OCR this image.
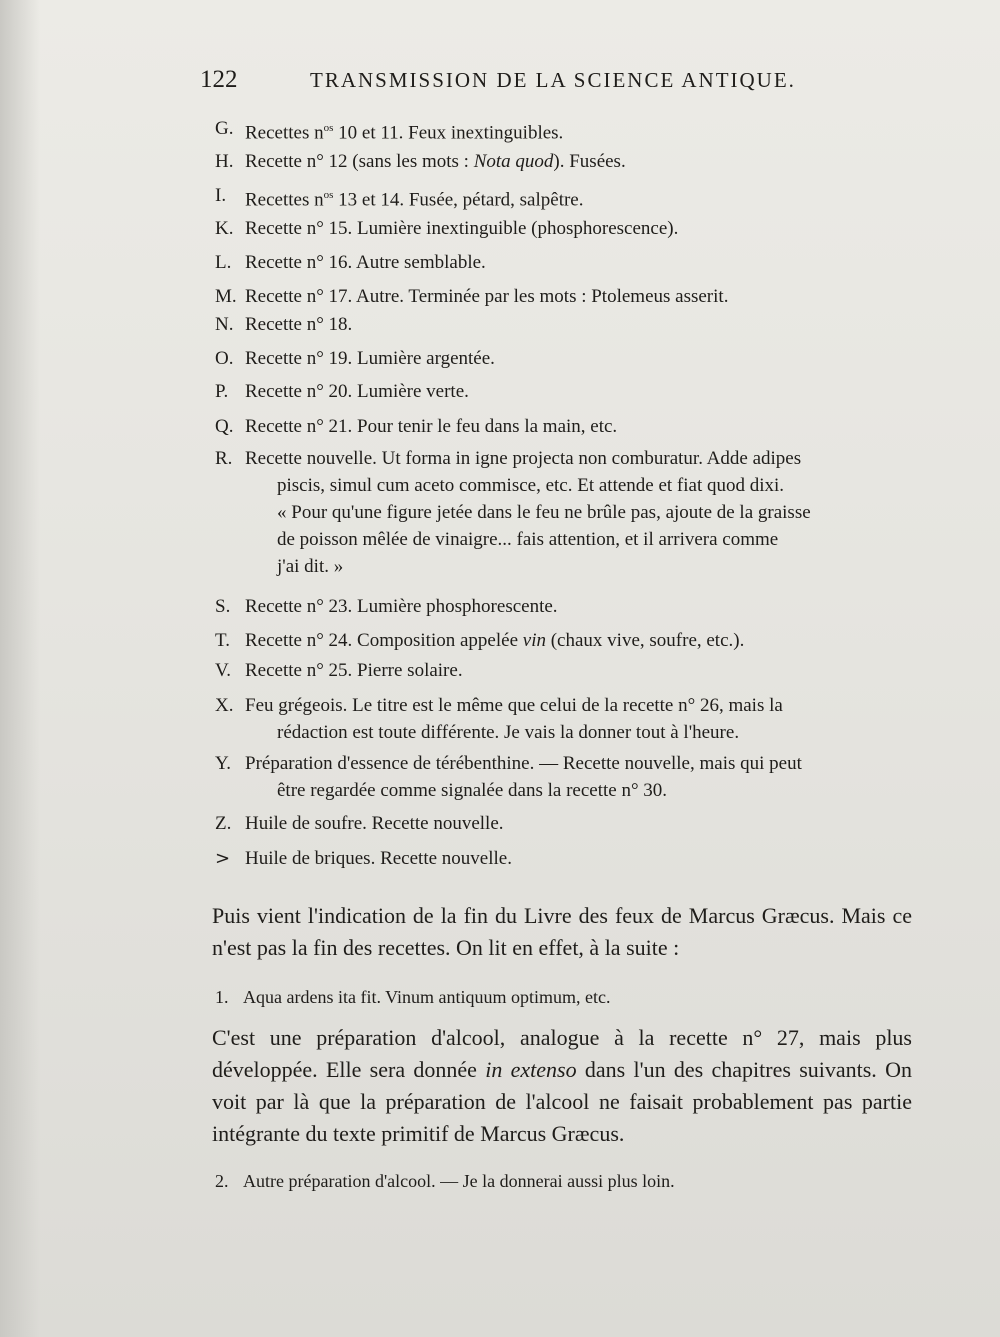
122	TRANSMISSION DE LA SCIENCE ANTIQUE.
G. Recettes $n^{os}$ 10 et 11. Feux inextinguibles.
H. Recette n° 12 (sans les mots : Nota quod). Fusées.
I. Recettes $n^{os}$ 13 et 14. Fusée, pétard, salpêtre.
K. Recette n° 15. Lumière inextinguible (phosphorescence).
L. Recette n° 16. Autre semblable.
M. Recette n° 17. Autre. Terminée par les mots : Ptolemeus asserit.
N. Recette n° 18.
O. Recette n° 19. Lumière argentée.
P. Recette n° 20. Lumière verte.
Q. Recette n° 21. Pour tenir le feu dans la main, etc.
R. Recette nouvelle. Ut forma in igne projecta non comburatur. Adde adipes
piscis, simul cum aceto commisce, etc. Et attende et fiat quod dixi.
« Pour qu'une figure jetée dans le feu ne brûle pas, ajoute de la graisse
de poisson mêlée de vinaigre... fais attention, et il arrivera comme
j'ai dit. »
S. Recette n° 23. Lumière phosphorescente.
T. Recette n° 24. Composition appelée vin (chaux vive, soufre, etc.).
V. Recette n° 25. Pierre solaire.
X. Feu grégeois. Le titre est le même que celui de la recette n° 26, mais la
rédaction est toute différente. Je vais la donner tout à l'heure.
Y. Préparation d'essence de térébenthine. — Recette nouvelle, mais qui peut
être regardée comme signalée dans la recette n° 30.
Z. Huile de soufre. Recette nouvelle.
> Huile de briques. Recette nouvelle.
Puis vient l'indication de la fin du Livre des feux de Marcus Græcus. Mais ce n'est pas la fin des recettes. On lit en effet, à la suite :
1. Aqua ardens ita fit. Vinum antiquum optimum, etc.
C'est une préparation d'alcool, analogue à la recette n° 27, mais plus développée. Elle sera donnée in extenso dans l'un des chapitres suivants. On voit par là que la préparation de l'alcool ne faisait probablement pas partie intégrante du texte primitif de Marcus Græcus.
2. Autre préparation d'alcool. — Je la donnerai aussi plus loin.
